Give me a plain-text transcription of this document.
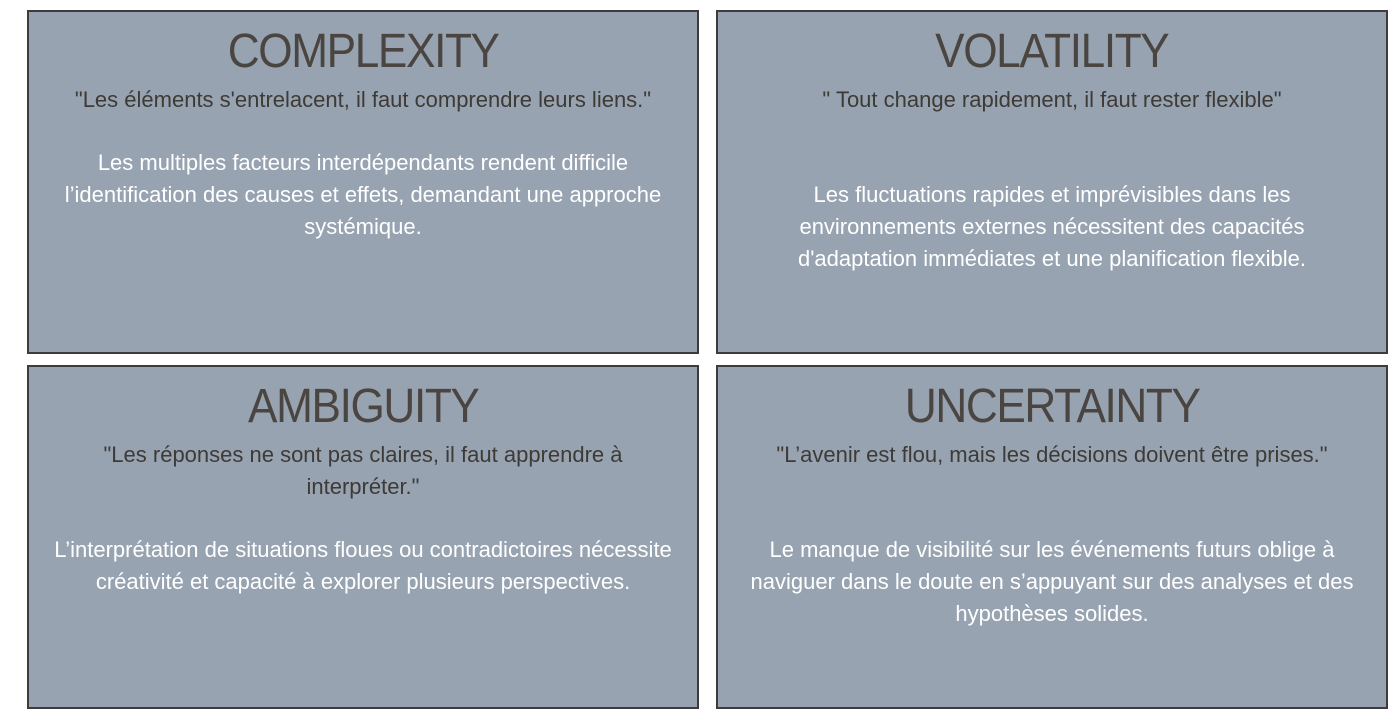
COMPLEXITY

"Les éléments s'entrelacent, il faut comprendre leurs liens."

Les multiples facteurs interdépendants rendent difficile l’identification des causes et effets, demandant une approche systémique.

VOLATILITY

" Tout change rapidement, il faut rester flexible"

Les fluctuations rapides et imprévisibles dans les environnements externes nécessitent des capacités d'adaptation immédiates et une planification flexible.

AMBIGUITY

"Les réponses ne sont pas claires, il faut apprendre à interpréter."

L’interprétation de situations floues ou contradictoires nécessite créativité et capacité à explorer plusieurs perspectives.

UNCERTAINTY

"L’avenir est flou, mais les décisions doivent être prises."

Le manque de visibilité sur les événements futurs oblige à naviguer dans le doute en s’appuyant sur des analyses et des hypothèses solides.
